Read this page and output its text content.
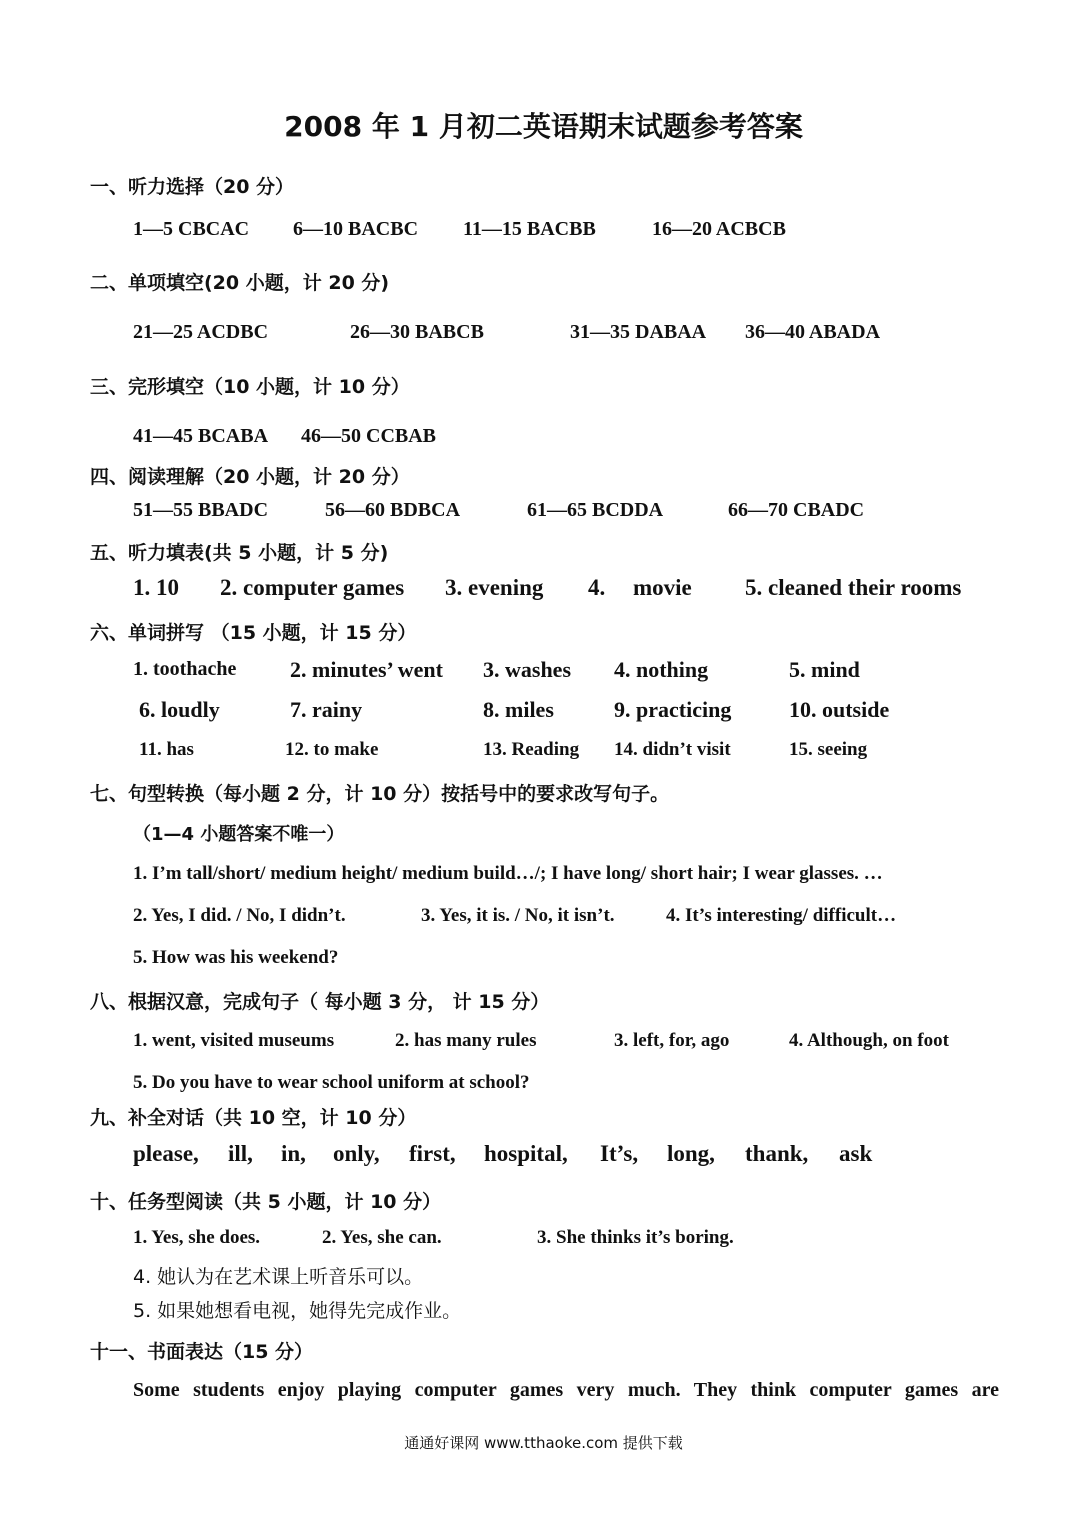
2008 年 1 月初二英语期末试题参考答案
一、听力选择（20 分）
1—5 CBCAC 6—10 BACBC 11—15 BACBB	16—20 ACBCB
二、单项填空(20 小题，计 20 分)
21—25 ACDBC	26—30 BABCB	31—35 DABAA 36—40 ABADA
三、完形填空（10 小题，计 10 分）
41—45 BCABA 46—50 CCBAB
四、阅读理解（20 小题，计 20 分）
51—55 BBADC	56—60 BDBCA	61—65 BCDDA	66—70 CBADC
五、听力填表(共 5 小题，计 5 分)
1. 10 2. computer games 3. evening 4. movie 5. cleaned their rooms
六、单词拼写 （15 小题，计 15 分）
1. toothache 2. minutes’ went 3. washes 4. nothing	5. mind
6. loudly	7. rainy	8. miles	9. practicing	10. outside
11. has	12. to make	13. Reading 14. didn’t visit	15. seeing
七、句型转换（每小题 2 分，计 10 分）按括号中的要求改写句子。
（1—4 小题答案不唯一）
1. I’m tall/short/ medium height/ medium build…/; I have long/ short hair; I wear glasses. …
2. Yes, I did. / No, I didn’t.	3. Yes, it is. / No, it isn’t.	4. It’s interesting/ difficult…
5. How was his weekend?
八、根据汉意，完成句子（ 每小题 3 分， 计 15 分）
1. went, visited museums	2. has many rules	3. left, for, ago	4. Although, on foot
5. Do you have to wear school uniform at school?
九、补全对话（共 10 空，计 10 分）
please, ill, in, only, first, hospital, It’s, long, thank, ask
十、任务型阅读（共 5 小题，计 10 分）
1. Yes, she does.	2. Yes, she can.	3. She thinks it’s boring.
4. 她认为在艺术课上听音乐可以。
5. 如果她想看电视，她得先完成作业。
十一、书面表达（15 分）
Some students enjoy playing computer games very much. They think computer games are
通通好课网 www.tthaoke.com 提供下载
